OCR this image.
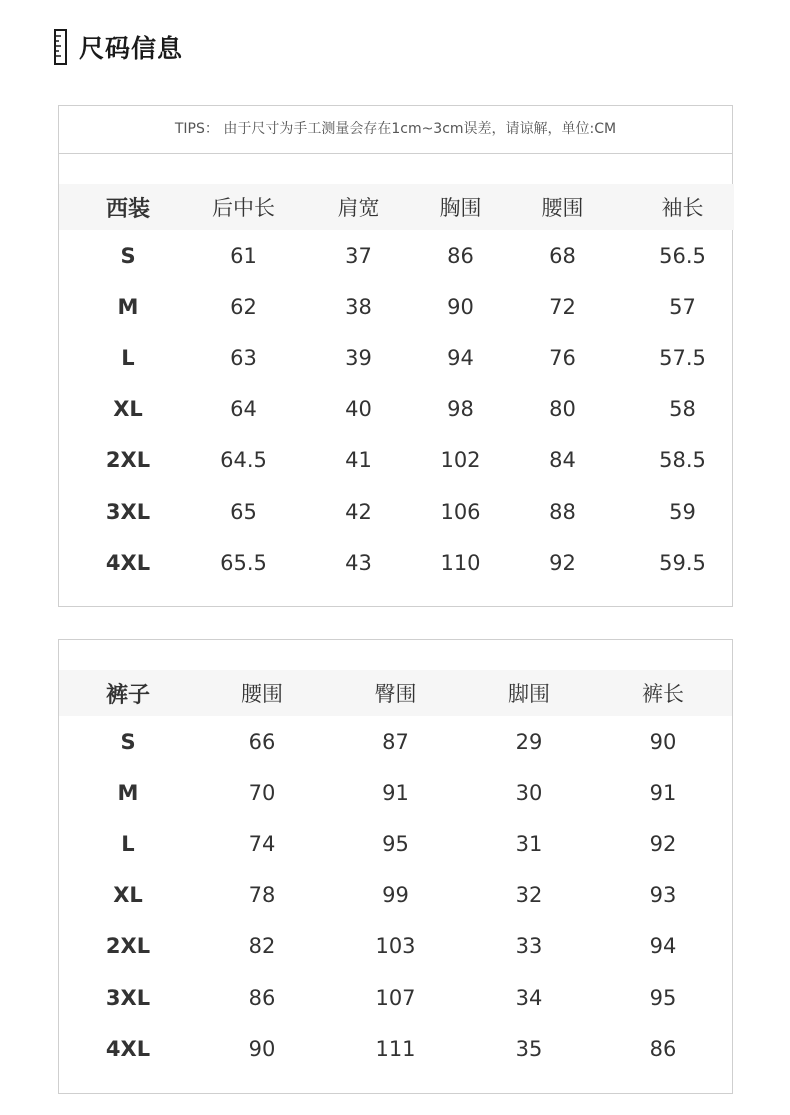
尺码信息
TIPS： 由于尺寸为手工测量会存在1cm~3cm误差，请谅解，单位:CM
西装	后中长	肩宽	胸围	腰围	袖长
S	61	37	86	68	56.5
M	62	38	90	72	57
L	63	39	94	76	57.5
XL	64	40	98	80	58
2XL	64.5	41	102	84	58.5
3XL	65	42	106	88	59
4XL	65.5	43	110	92	59.5
裤子	腰围	臀围	脚围	裤长
S	66	87	29	90
M	70	91	30	91
L	74	95	31	92
XL	78	99	32	93
2XL	82	103	33	94
3XL	86	107	34	95
4XL	90	111	35	86
